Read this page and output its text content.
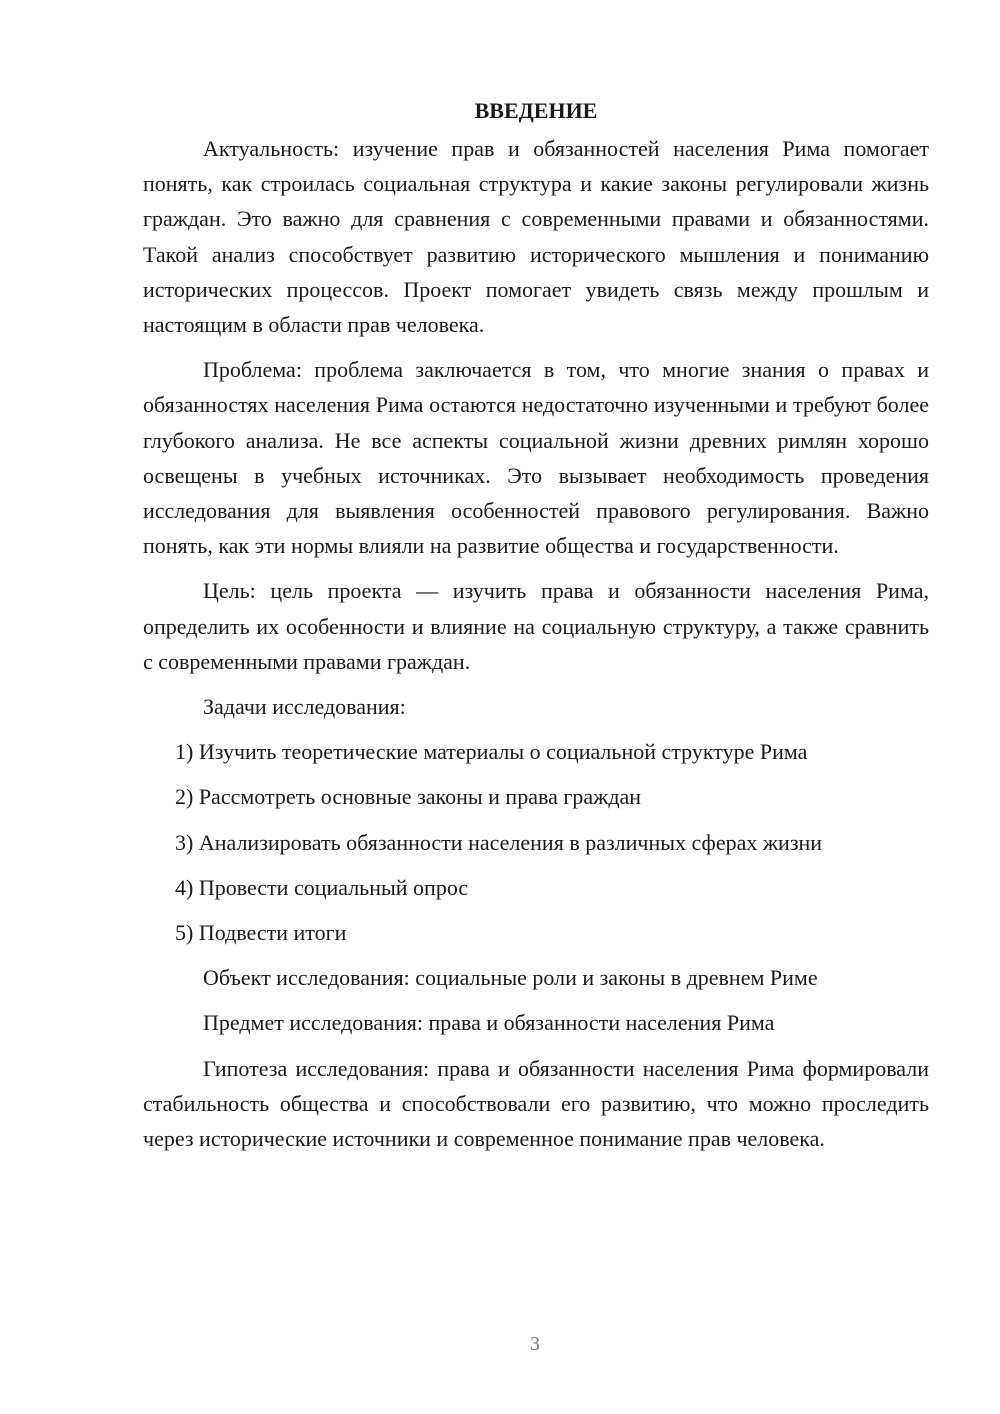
ВВЕДЕНИЕ

Актуальность: изучение прав и обязанностей населения Рима помогает понять, как строилась социальная структура и какие законы регулировали жизнь граждан. Это важно для сравнения с современными правами и обязанностями. Такой анализ способствует развитию исторического мышления и пониманию исторических процессов. Проект помогает увидеть связь между прошлым и настоящим в области прав человека.

Проблема: проблема заключается в том, что многие знания о правах и обязанностях населения Рима остаются недостаточно изученными и требуют более глубокого анализа. Не все аспекты социальной жизни древних римлян хорошо освещены в учебных источниках. Это вызывает необходимость проведения исследования для выявления особенностей правового регулирования. Важно понять, как эти нормы влияли на развитие общества и государственности.

Цель: цель проекта — изучить права и обязанности населения Рима, определить их особенности и влияние на социальную структуру, а также сравнить с современными правами граждан.

Задачи исследования:
1) Изучить теоретические материалы о социальной структуре Рима
2) Рассмотреть основные законы и права граждан
3) Анализировать обязанности населения в различных сферах жизни
4) Провести социальный опрос
5) Подвести итоги
Объект исследования: социальные роли и законы в древнем Риме
Предмет исследования: права и обязанности населения Рима

Гипотеза исследования: права и обязанности населения Рима формировали стабильность общества и способствовали его развитию, что можно проследить через исторические источники и современное понимание прав человека.

3
